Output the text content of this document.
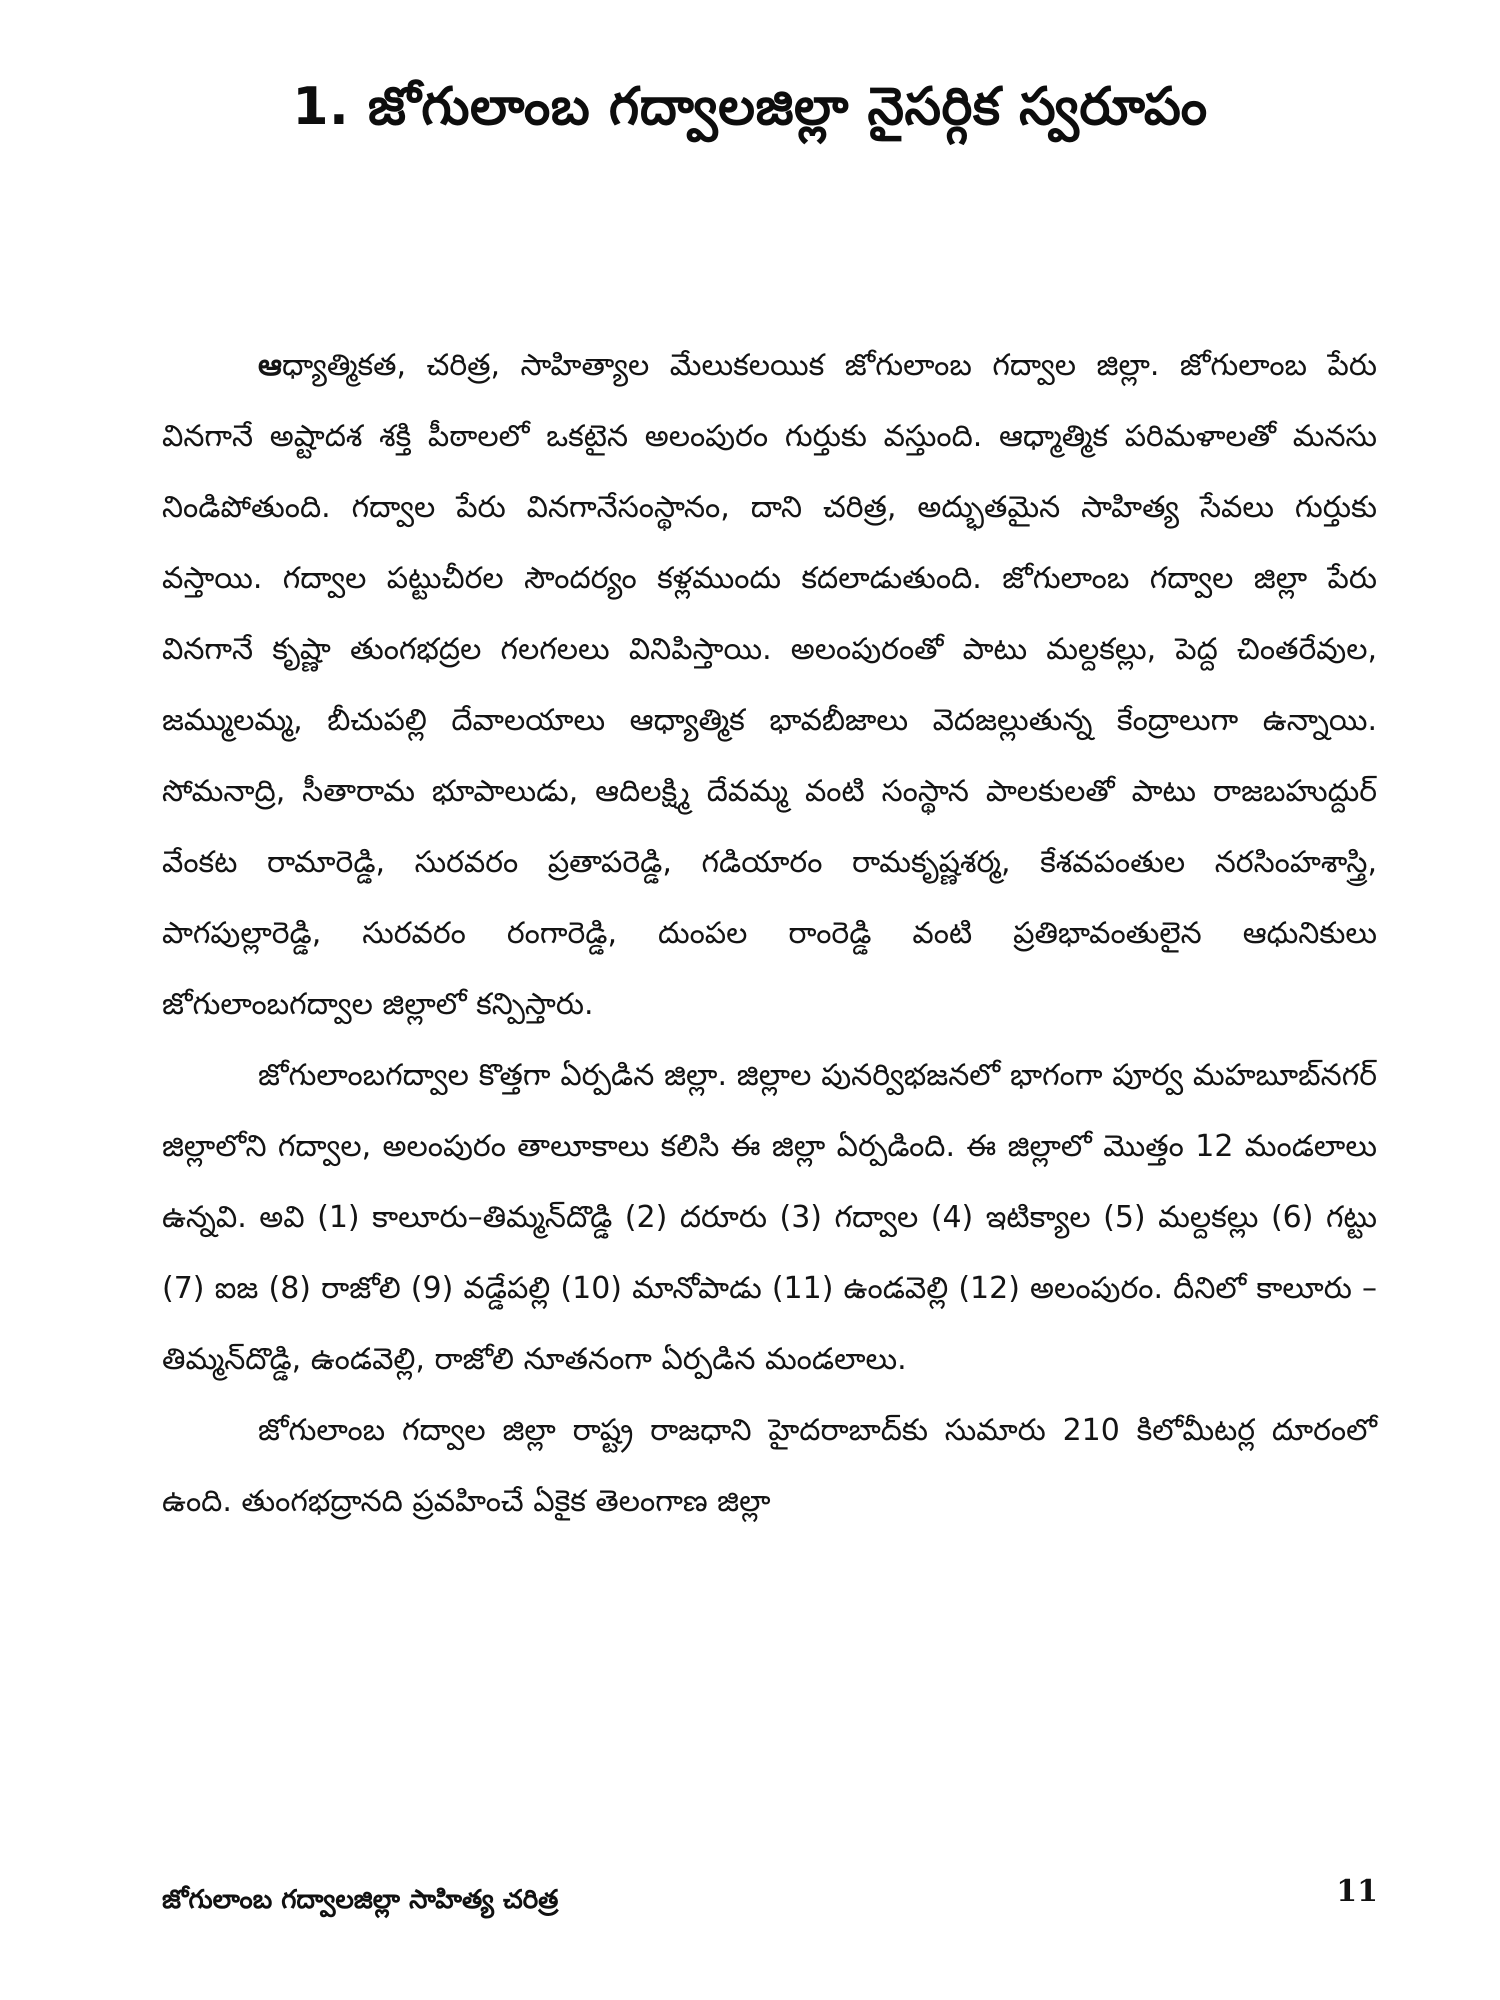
1. జోగులాంబ గద్వాలజిల్లా నైసర్గిక స్వరూపం

ఆధ్యాత్మికత, చరిత్ర, సాహిత్యాల మేలుకలయిక జోగులాంబ గద్వాల జిల్లా. జోగులాంబ పేరు వినగానే అష్టాదశ శక్తి పీఠాలలో ఒకటైన అలంపురం గుర్తుకు వస్తుంది. ఆధ్మాత్మిక పరిమళాలతో మనసు నిండిపోతుంది. గద్వాల పేరు వినగానేసంస్థానం, దాని చరిత్ర, అద్భుతమైన సాహిత్య సేవలు గుర్తుకు వస్తాయి. గద్వాల పట్టుచీరల సౌందర్యం కళ్లముందు కదలాడుతుంది. జోగులాంబ గద్వాల జిల్లా పేరు వినగానే కృష్ణా తుంగభద్రల గలగలలు వినిపిస్తాయి. అలంపురంతో పాటు మల్దకల్లు, పెద్ద చింతరేవుల, జమ్ములమ్మ, బీచుపల్లి దేవాలయాలు ఆధ్యాత్మిక భావబీజాలు వెదజల్లుతున్న కేంద్రాలుగా ఉన్నాయి. సోమనాద్రి, సీతారామ భూపాలుడు, ఆదిలక్ష్మి దేవమ్మ వంటి సంస్థాన పాలకులతో పాటు రాజబహుద్దుర్ వేంకట రామారెడ్డి, సురవరం ప్రతాపరెడ్డి, గడియారం రామకృష్ణశర్మ, కేశవపంతుల నరసింహశాస్త్రి, పాగపుల్లారెడ్డి, సురవరం రంగారెడ్డి, దుంపల రాంరెడ్డి వంటి ప్రతిభావంతులైన ఆధునికులు జోగులాంబగద్వాల జిల్లాలో కన్పిస్తారు.

జోగులాంబగద్వాల కొత్తగా ఏర్పడిన జిల్లా. జిల్లాల పునర్విభజనలో భాగంగా పూర్వ మహబూబ్‌నగర్ జిల్లాలోని గద్వాల, అలంపురం తాలూకాలు కలిసి ఈ జిల్లా ఏర్పడింది. ఈ జిల్లాలో మొత్తం 12 మండలాలు ఉన్నవి. అవి (1) కాలూరు–తిమ్మన్‌దొడ్డి (2) దరూరు (3) గద్వాల (4) ఇటిక్యాల (5) మల్దకల్లు (6) గట్టు (7) ఐజ (8) రాజోలి (9) వడ్డేపల్లి (10) మానోపాడు (11) ఉండవెల్లి (12) అలంపురం. దీనిలో కాలూరు – తిమ్మన్‌దొడ్డి, ఉండవెల్లి, రాజోలి నూతనంగా ఏర్పడిన మండలాలు.

జోగులాంబ గద్వాల జిల్లా రాష్ట్ర రాజధాని హైదరాబాద్‌కు సుమారు 210 కిలోమీటర్ల దూరంలో ఉంది. తుంగభద్రానది ప్రవహించే ఏకైక తెలంగాణ జిల్లా

జోగులాంబ గద్వాలజిల్లా సాహిత్య చరిత్ర	11
